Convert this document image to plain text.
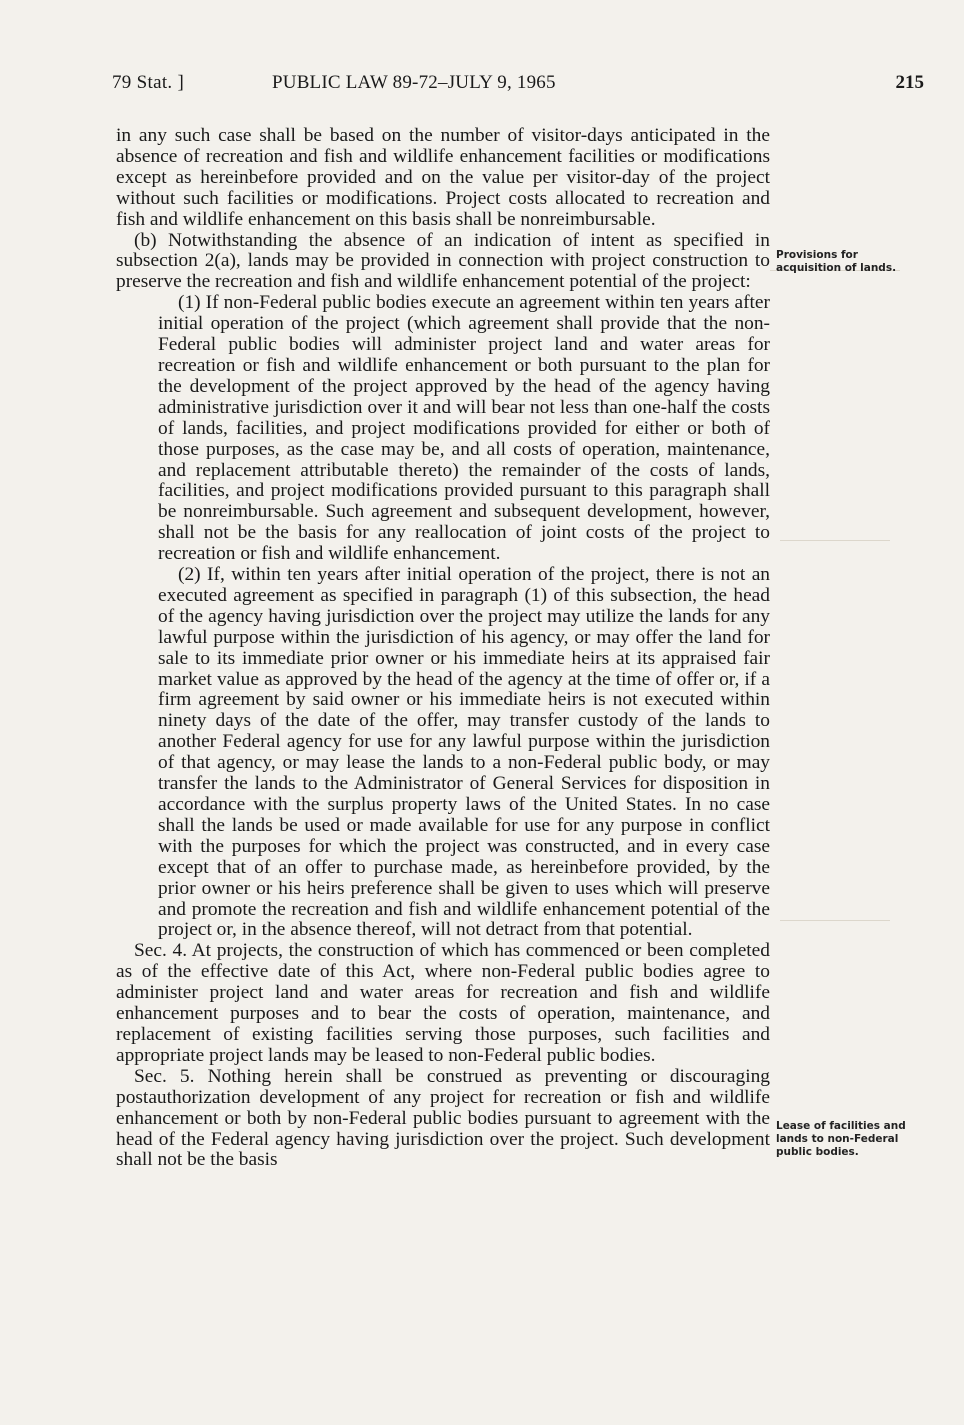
79 Stat. ]	PUBLIC LAW 89-72–JULY 9, 1965	215

in any such case shall be based on the number of visitor-days anticipated in the absence of recreation and fish and wildlife enhancement facilities or modifications except as hereinbefore provided and on the value per visitor-day of the project without such facilities or modifications. Project costs allocated to recreation and fish and wildlife enhancement on this basis shall be nonreimbursable.

(b) Notwithstanding the absence of an indication of intent as specified in subsection 2(a), lands may be provided in connection with project construction to preserve the recreation and fish and wildlife enhancement potential of the project:

(1) If non-Federal public bodies execute an agreement within ten years after initial operation of the project (which agreement shall provide that the non-Federal public bodies will administer project land and water areas for recreation or fish and wildlife enhancement or both pursuant to the plan for the development of the project approved by the head of the agency having administrative jurisdiction over it and will bear not less than one-half the costs of lands, facilities, and project modifications provided for either or both of those purposes, as the case may be, and all costs of operation, maintenance, and replacement attributable thereto) the remainder of the costs of lands, facilities, and project modifications provided pursuant to this paragraph shall be nonreimbursable. Such agreement and subsequent development, however, shall not be the basis for any reallocation of joint costs of the project to recreation or fish and wildlife enhancement.

(2) If, within ten years after initial operation of the project, there is not an executed agreement as specified in paragraph (1) of this subsection, the head of the agency having jurisdiction over the project may utilize the lands for any lawful purpose within the jurisdiction of his agency, or may offer the land for sale to its immediate prior owner or his immediate heirs at its appraised fair market value as approved by the head of the agency at the time of offer or, if a firm agreement by said owner or his immediate heirs is not executed within ninety days of the date of the offer, may transfer custody of the lands to another Federal agency for use for any lawful purpose within the jurisdiction of that agency, or may lease the lands to a non-Federal public body, or may transfer the lands to the Administrator of General Services for disposition in accordance with the surplus property laws of the United States. In no case shall the lands be used or made available for use for any purpose in conflict with the purposes for which the project was constructed, and in every case except that of an offer to purchase made, as hereinbefore provided, by the prior owner or his heirs preference shall be given to uses which will preserve and promote the recreation and fish and wildlife enhancement potential of the project or, in the absence thereof, will not detract from that potential.

Sec. 4. At projects, the construction of which has commenced or been completed as of the effective date of this Act, where non-Federal public bodies agree to administer project land and water areas for recreation and fish and wildlife enhancement purposes and to bear the costs of operation, maintenance, and replacement of existing facilities serving those purposes, such facilities and appropriate project lands may be leased to non-Federal public bodies.

Sec. 5. Nothing herein shall be construed as preventing or discouraging postauthorization development of any project for recreation or fish and wildlife enhancement or both by non-Federal public bodies pursuant to agreement with the head of the Federal agency having jurisdiction over the project. Such development shall not be the basis

Provisions for acquisition of lands.
Lease of facilities and lands to non-Federal public bodies.
